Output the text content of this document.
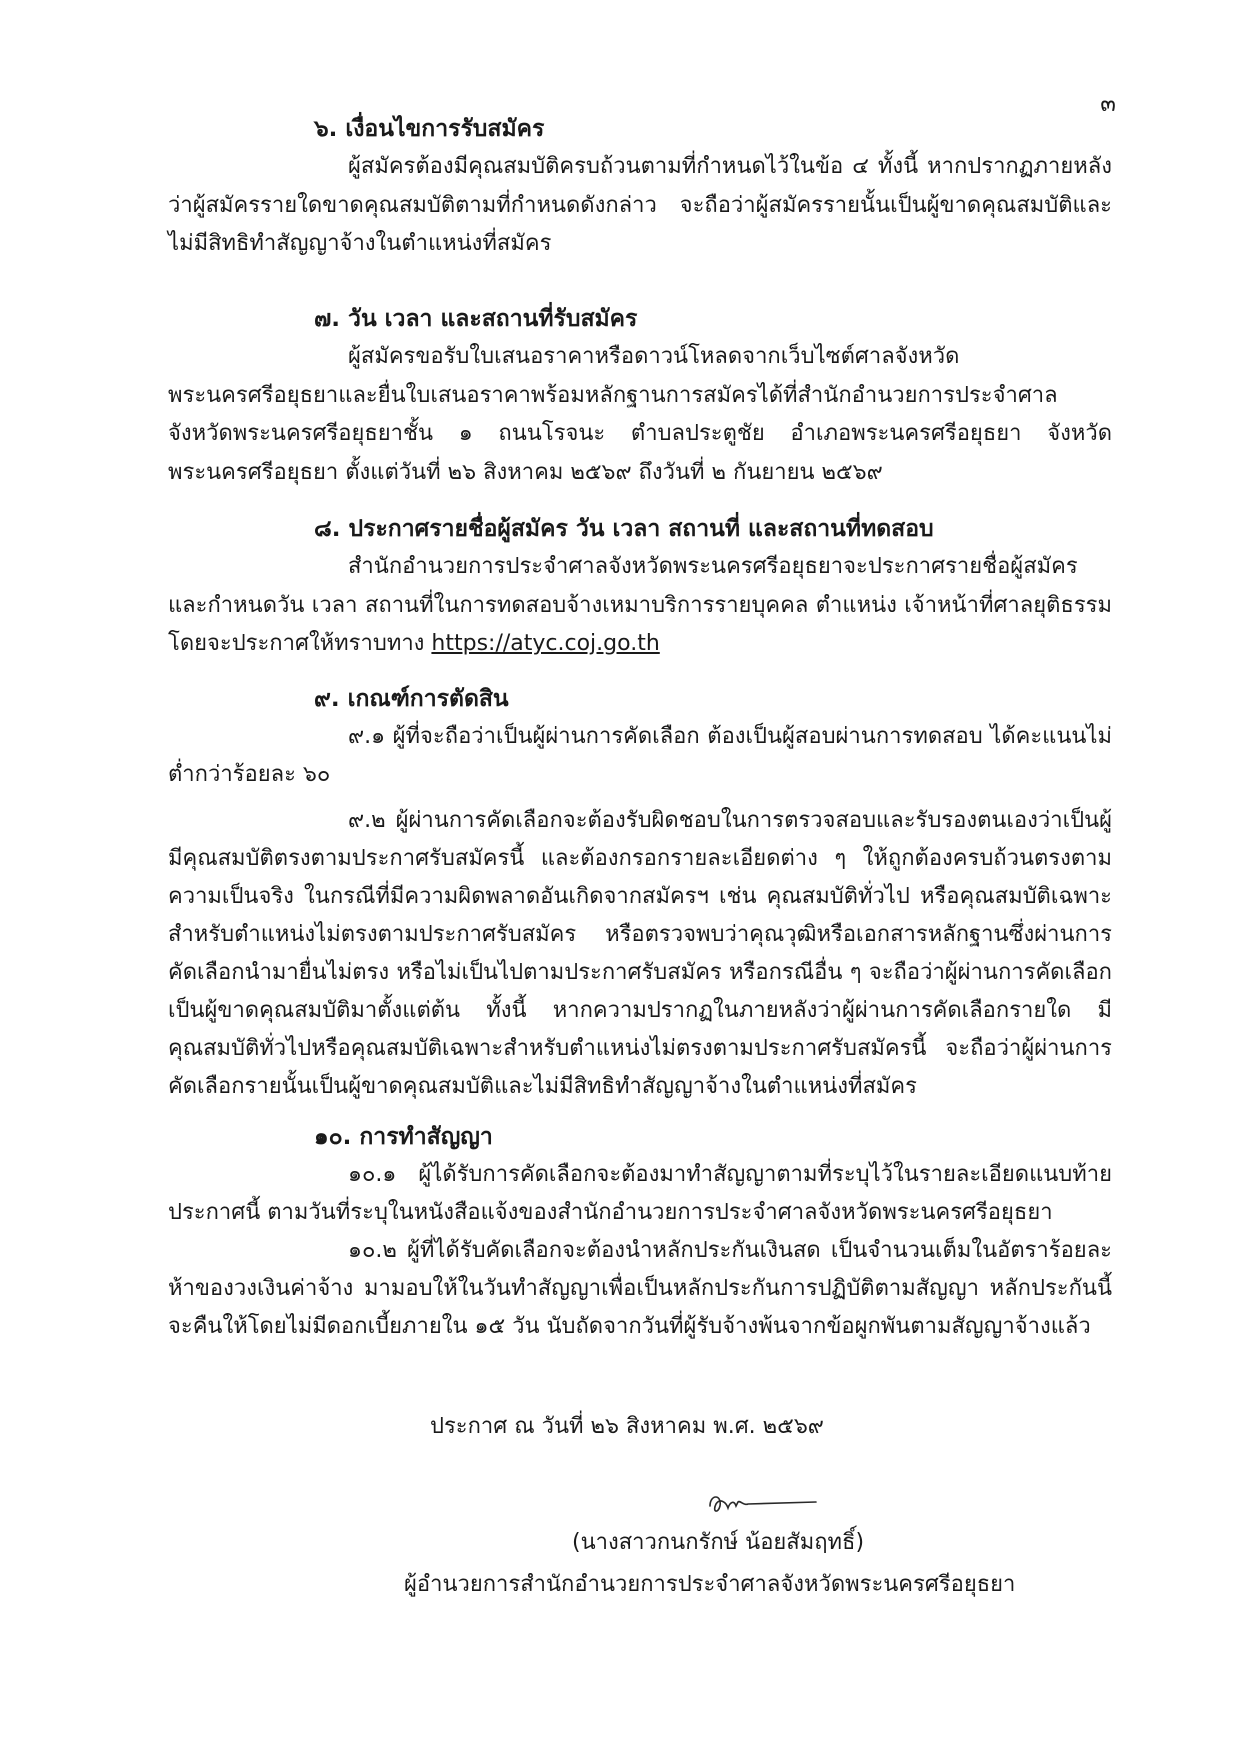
๓
๖. เงื่อนไขการรับสมัคร

ผู้สมัครต้องมีคุณสมบัติครบถ้วนตามที่กำหนดไว้ในข้อ ๔ ทั้งนี้ หากปรากฏภายหลังว่าผู้สมัครรายใดขาดคุณสมบัติตามที่กำหนดดังกล่าว จะถือว่าผู้สมัครรายนั้นเป็นผู้ขาดคุณสมบัติและไม่มีสิทธิทำสัญญาจ้างในตำแหน่งที่สมัคร

๗. วัน เวลา และสถานที่รับสมัคร

ผู้สมัครขอรับใบเสนอราคาหรือดาวน์โหลดจากเว็บไซต์ศาลจังหวัดพระนครศรีอยุธยาและยื่นใบเสนอราคาพร้อมหลักฐานการสมัครได้ที่สำนักอำนวยการประจำศาลจังหวัดพระนครศรีอยุธยาชั้น ๑ ถนนโรจนะ ตำบลประตูชัย อำเภอพระนครศรีอยุธยา จังหวัดพระนครศรีอยุธยา ตั้งแต่วันที่ ๒๖ สิงหาคม ๒๕๖๙ ถึงวันที่ ๒ กันยายน ๒๕๖๙

๘. ประกาศรายชื่อผู้สมัคร วัน เวลา สถานที่ และสถานที่ทดสอบ

สำนักอำนวยการประจำศาลจังหวัดพระนครศรีอยุธยาจะประกาศรายชื่อผู้สมัครและกำหนดวัน เวลา สถานที่ในการทดสอบจ้างเหมาบริการรายบุคคล ตำแหน่ง เจ้าหน้าที่ศาลยุติธรรมโดยจะประกาศให้ทราบทาง https://atyc.coj.go.th

๙. เกณฑ์การตัดสิน

๙.๑ ผู้ที่จะถือว่าเป็นผู้ผ่านการคัดเลือก ต้องเป็นผู้สอบผ่านการทดสอบ ได้คะแนนไม่ต่ำกว่าร้อยละ ๖๐

๙.๒ ผู้ผ่านการคัดเลือกจะต้องรับผิดชอบในการตรวจสอบและรับรองตนเองว่าเป็นผู้มีคุณสมบัติตรงตามประกาศรับสมัครนี้ และต้องกรอกรายละเอียดต่าง ๆ ให้ถูกต้องครบถ้วนตรงตามความเป็นจริง ในกรณีที่มีความผิดพลาดอันเกิดจากสมัครฯ เช่น คุณสมบัติทั่วไป หรือคุณสมบัติเฉพาะสำหรับตำแหน่งไม่ตรงตามประกาศรับสมัคร หรือตรวจพบว่าคุณวุฒิหรือเอกสารหลักฐานซึ่งผ่านการคัดเลือกนำมายื่นไม่ตรง หรือไม่เป็นไปตามประกาศรับสมัคร หรือกรณีอื่น ๆ จะถือว่าผู้ผ่านการคัดเลือกเป็นผู้ขาดคุณสมบัติมาตั้งแต่ต้น ทั้งนี้ หากความปรากฏในภายหลังว่าผู้ผ่านการคัดเลือกรายใด มีคุณสมบัติทั่วไปหรือคุณสมบัติเฉพาะสำหรับตำแหน่งไม่ตรงตามประกาศรับสมัครนี้ จะถือว่าผู้ผ่านการคัดเลือกรายนั้นเป็นผู้ขาดคุณสมบัติและไม่มีสิทธิทำสัญญาจ้างในตำแหน่งที่สมัคร

๑๐. การทำสัญญา

๑๐.๑ ผู้ได้รับการคัดเลือกจะต้องมาทำสัญญาตามที่ระบุไว้ในรายละเอียดแนบท้ายประกาศนี้ ตามวันที่ระบุในหนังสือแจ้งของสำนักอำนวยการประจำศาลจังหวัดพระนครศรีอยุธยา

๑๐.๒ ผู้ที่ได้รับคัดเลือกจะต้องนำหลักประกันเงินสด เป็นจำนวนเต็มในอัตราร้อยละห้าของวงเงินค่าจ้าง มามอบให้ในวันทำสัญญาเพื่อเป็นหลักประกันการปฏิบัติตามสัญญา หลักประกันนี้จะคืนให้โดยไม่มีดอกเบี้ยภายใน ๑๕ วัน นับถัดจากวันที่ผู้รับจ้างพ้นจากข้อผูกพันตามสัญญาจ้างแล้ว

ประกาศ ณ วันที่ ๒๖ สิงหาคม พ.ศ. ๒๕๖๙
(นางสาวกนกรักษ์ น้อยสัมฤทธิ์)
ผู้อำนวยการสำนักอำนวยการประจำศาลจังหวัดพระนครศรีอยุธยา
